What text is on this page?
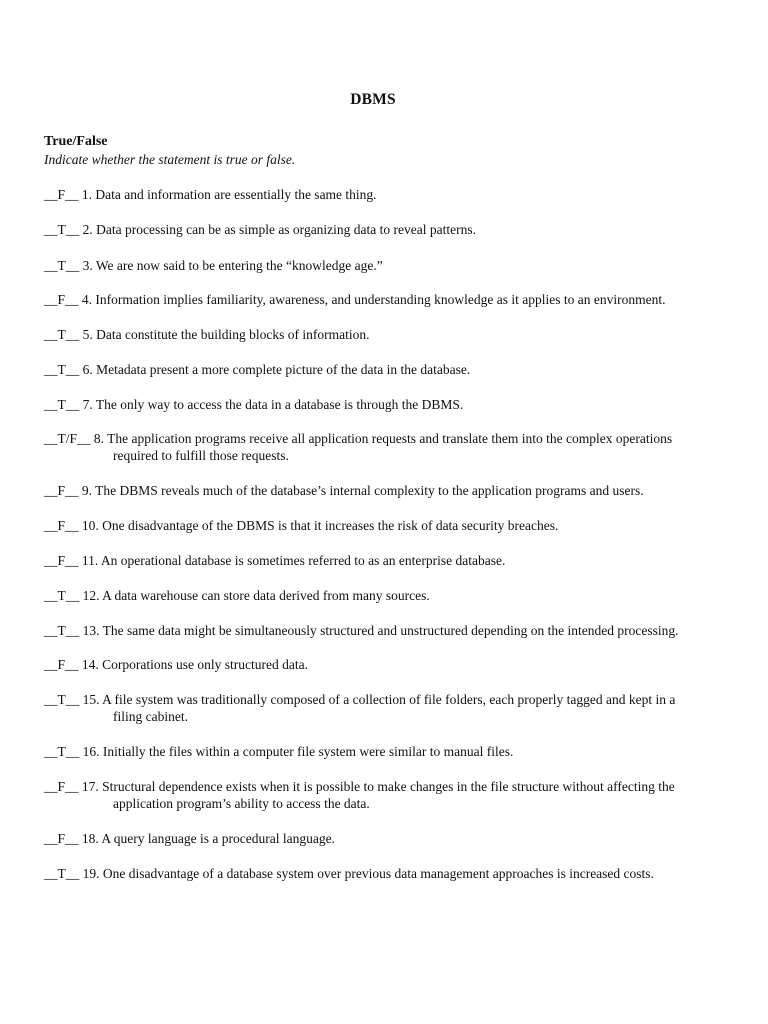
DBMS
True/False
Indicate whether the statement is true or false.
__F__ 1. Data and information are essentially the same thing.
__T__ 2. Data processing can be as simple as organizing data to reveal patterns.
__T__ 3. We are now said to be entering the “knowledge age.”
__F__ 4. Information implies familiarity, awareness, and understanding knowledge as it applies to an environment.
__T__ 5. Data constitute the building blocks of information.
__T__ 6. Metadata present a more complete picture of the data in the database.
__T__ 7. The only way to access the data in a database is through the DBMS.
__T/F__ 8. The application programs receive all application requests and translate them into the complex operations
required to fulfill those requests.
__F__ 9. The DBMS reveals much of the database’s internal complexity to the application programs and users.
__F__ 10. One disadvantage of the DBMS is that it increases the risk of data security breaches.
__F__ 11. An operational database is sometimes referred to as an enterprise database.
__T__ 12. A data warehouse can store data derived from many sources.
__T__ 13. The same data might be simultaneously structured and unstructured depending on the intended processing.
__F__ 14. Corporations use only structured data.
__T__ 15. A file system was traditionally composed of a collection of file folders, each properly tagged and kept in a
filing cabinet.
__T__ 16. Initially the files within a computer file system were similar to manual files.
__F__ 17. Structural dependence exists when it is possible to make changes in the file structure without affecting the
application program’s ability to access the data.
__F__ 18. A query language is a procedural language.
__T__ 19. One disadvantage of a database system over previous data management approaches is increased costs.
